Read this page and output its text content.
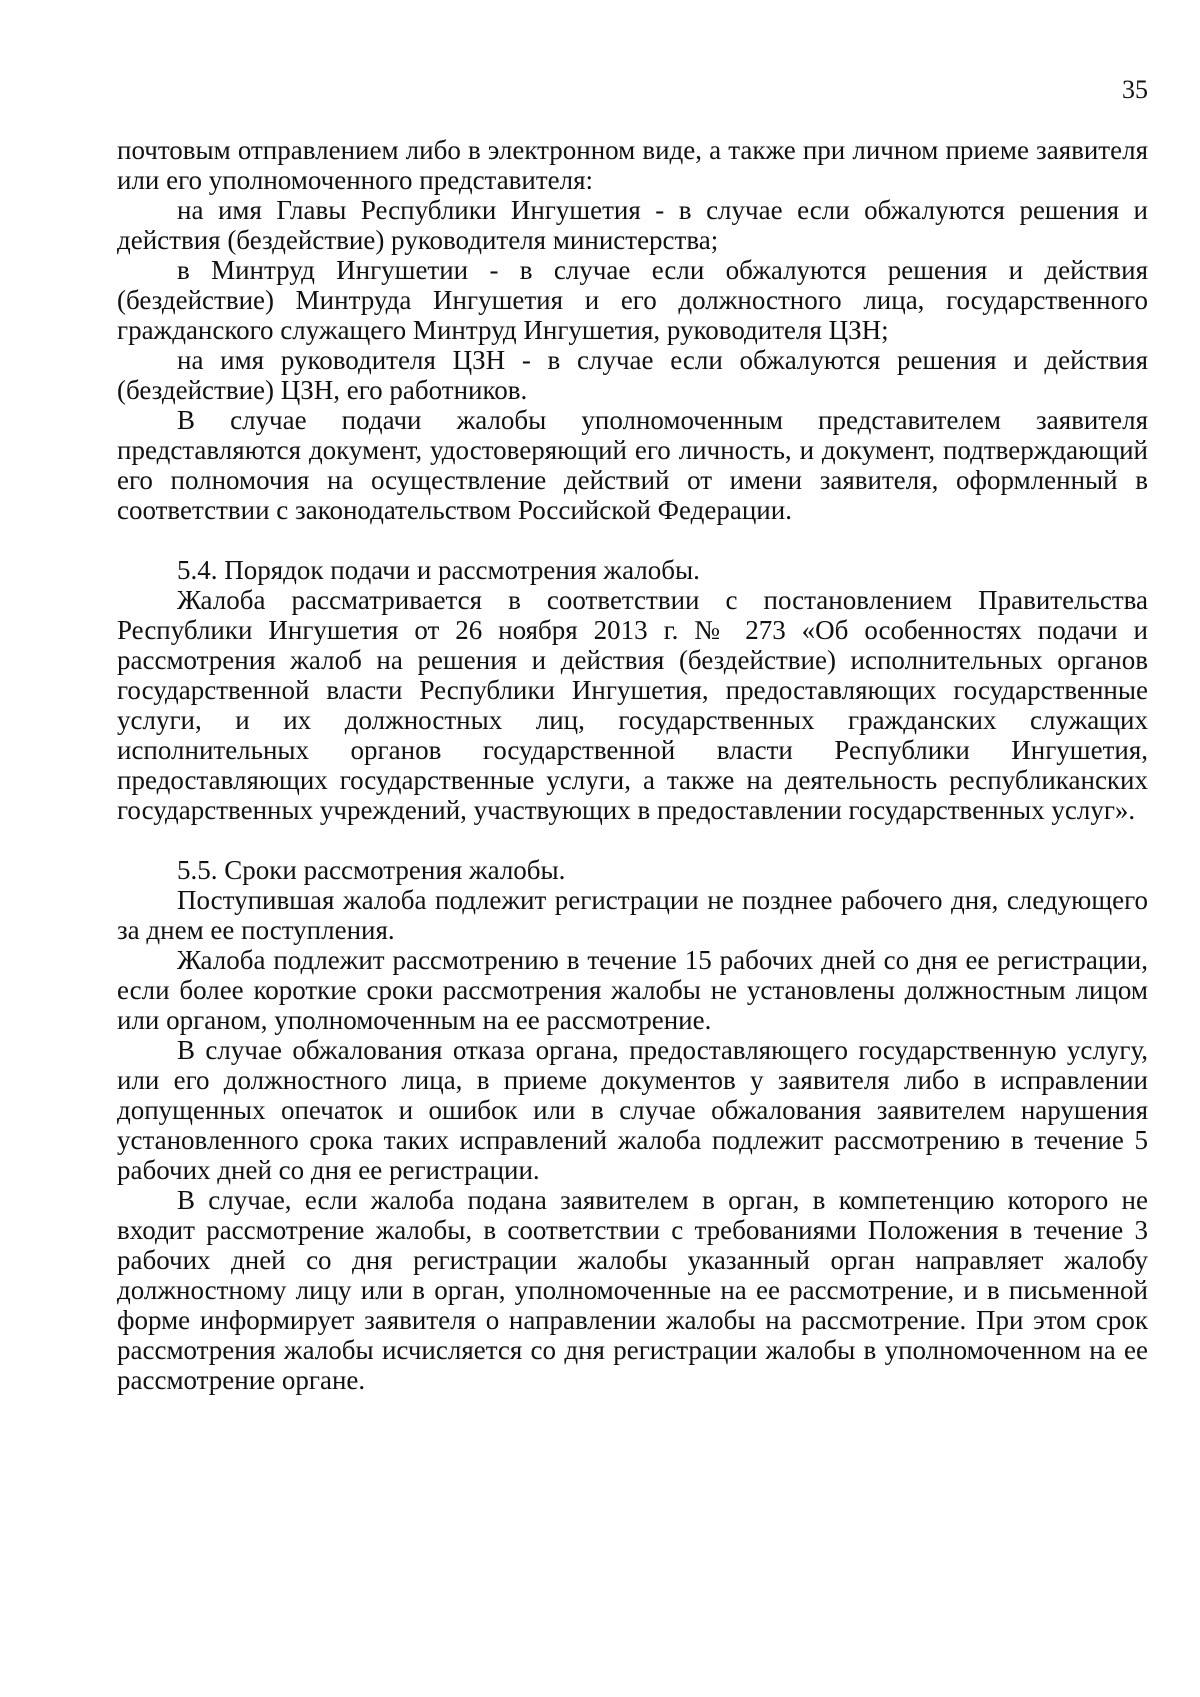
35

почтовым отправлением либо в электронном виде, а также при личном приеме заявителя или его уполномоченного представителя:

на имя Главы Республики Ингушетия - в случае если обжалуются решения и действия (бездействие) руководителя министерства;

в Минтруд Ингушетии - в случае если обжалуются решения и действия (бездействие) Минтруда Ингушетия и его должностного лица, государственного гражданского служащего Минтруд Ингушетия, руководителя ЦЗН;

на имя руководителя ЦЗН - в случае если обжалуются решения и действия (бездействие) ЦЗН, его работников.

В случае подачи жалобы уполномоченным представителем заявителя представляются документ, удостоверяющий его личность, и документ, подтверждающий его полномочия на осуществление действий от имени заявителя, оформленный в соответствии с законодательством Российской Федерации.

5.4. Порядок подачи и рассмотрения жалобы.

Жалоба рассматривается в соответствии с постановлением Правительства Республики Ингушетия от 26 ноября 2013 г. № 273 «Об особенностях подачи и рассмотрения жалоб на решения и действия (бездействие) исполнительных органов государственной власти Республики Ингушетия, предоставляющих государственные услуги, и их должностных лиц, государственных гражданских служащих исполнительных органов государственной власти Республики Ингушетия, предоставляющих государственные услуги, а также на деятельность республиканских государственных учреждений, участвующих в предоставлении государственных услуг».

5.5. Сроки рассмотрения жалобы.

Поступившая жалоба подлежит регистрации не позднее рабочего дня, следующего за днем ее поступления.

Жалоба подлежит рассмотрению в течение 15 рабочих дней со дня ее регистрации, если более короткие сроки рассмотрения жалобы не установлены должностным лицом или органом, уполномоченным на ее рассмотрение.

В случае обжалования отказа органа, предоставляющего государственную услугу, или его должностного лица, в приеме документов у заявителя либо в исправлении допущенных опечаток и ошибок или в случае обжалования заявителем нарушения установленного срока таких исправлений жалоба подлежит рассмотрению в течение 5 рабочих дней со дня ее регистрации.

В случае, если жалоба подана заявителем в орган, в компетенцию которого не входит рассмотрение жалобы, в соответствии с требованиями Положения в течение 3 рабочих дней со дня регистрации жалобы указанный орган направляет жалобу должностному лицу или в орган, уполномоченные на ее рассмотрение, и в письменной форме информирует заявителя о направлении жалобы на рассмотрение. При этом срок рассмотрения жалобы исчисляется со дня регистрации жалобы в уполномоченном на ее рассмотрение органе.
